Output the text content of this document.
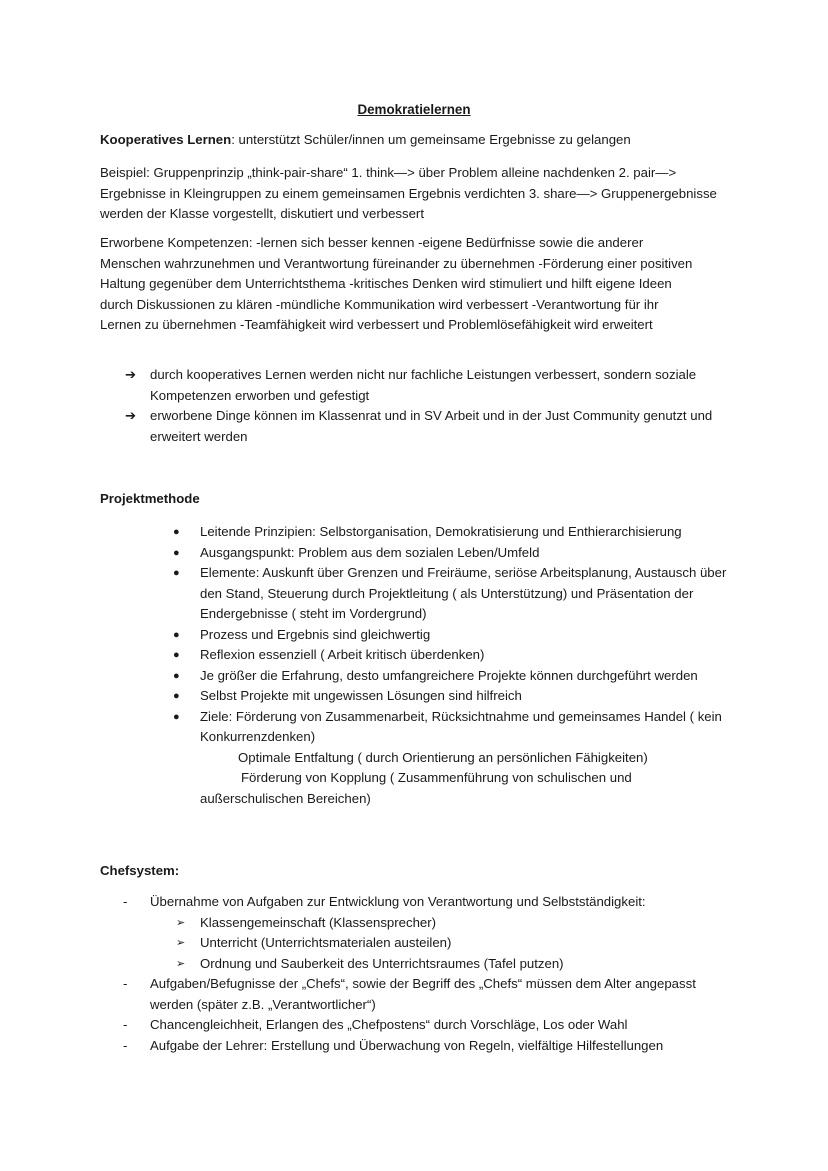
Demokratielernen

Kooperatives Lernen: unterstützt Schüler/innen um gemeinsame Ergebnisse zu gelangen

Beispiel: Gruppenprinzip „think-pair-share“ 1. think—> über Problem alleine nachdenken 2. pair—> Ergebnisse in Kleingruppen zu einem gemeinsamen Ergebnis verdichten 3. share—> Gruppenergebnisse werden der Klasse vorgestellt, diskutiert und verbessert
Erworbene Kompetenzen: -lernen sich besser kennen -eigene Bedürfnisse sowie die anderer Menschen wahrzunehmen und Verantwortung füreinander zu übernehmen -Förderung einer positiven Haltung gegenüber dem Unterrichtsthema -kritisches Denken wird stimuliert und hilft eigene Ideen durch Diskussionen zu klären -mündliche Kommunikation wird verbessert -Verantwortung für ihr Lernen zu übernehmen -Teamfähigkeit wird verbessert und Problemlösefähigkeit wird erweitert
➔ durch kooperatives Lernen werden nicht nur fachliche Leistungen verbessert, sondern soziale Kompetenzen erworben und gefestigt
➔ erworbene Dinge können im Klassenrat und in SV Arbeit und in der Just Community genutzt und erweitert werden
Projektmethode
● Leitende Prinzipien: Selbstorganisation, Demokratisierung und Enthierarchisierung
● Ausgangspunkt: Problem aus dem sozialen Leben/Umfeld
● Elemente: Auskunft über Grenzen und Freiräume, seriöse Arbeitsplanung, Austausch über den Stand, Steuerung durch Projektleitung ( als Unterstützung) und Präsentation der Endergebnisse ( steht im Vordergrund)
● Prozess und Ergebnis sind gleichwertig
● Reflexion essenziell ( Arbeit kritisch überdenken)
● Je größer die Erfahrung, desto umfangreichere Projekte können durchgeführt werden
● Selbst Projekte mit ungewissen Lösungen sind hilfreich
● Ziele: Förderung von Zusammenarbeit, Rücksichtnahme und gemeinsames Handel ( kein Konkurrenzdenken)
Optimale Entfaltung ( durch Orientierung an persönlichen Fähigkeiten)
Förderung von Kopplung ( Zusammenführung von schulischen und
außerschulischen Bereichen)
Chefsystem:
- Übernahme von Aufgaben zur Entwicklung von Verantwortung und Selbstständigkeit:
➢ Klassengemeinschaft (Klassensprecher)
➢ Unterricht (Unterrichtsmaterialen austeilen)
➢ Ordnung und Sauberkeit des Unterrichtsraumes (Tafel putzen)
- Aufgaben/Befugnisse der „Chefs“, sowie der Begriff des „Chefs“ müssen dem Alter angepasst werden (später z.B. „Verantwortlicher“)
- Chancengleichheit, Erlangen des „Chefpostens“ durch Vorschläge, Los oder Wahl
- Aufgabe der Lehrer: Erstellung und Überwachung von Regeln, vielfältige Hilfestellungen
